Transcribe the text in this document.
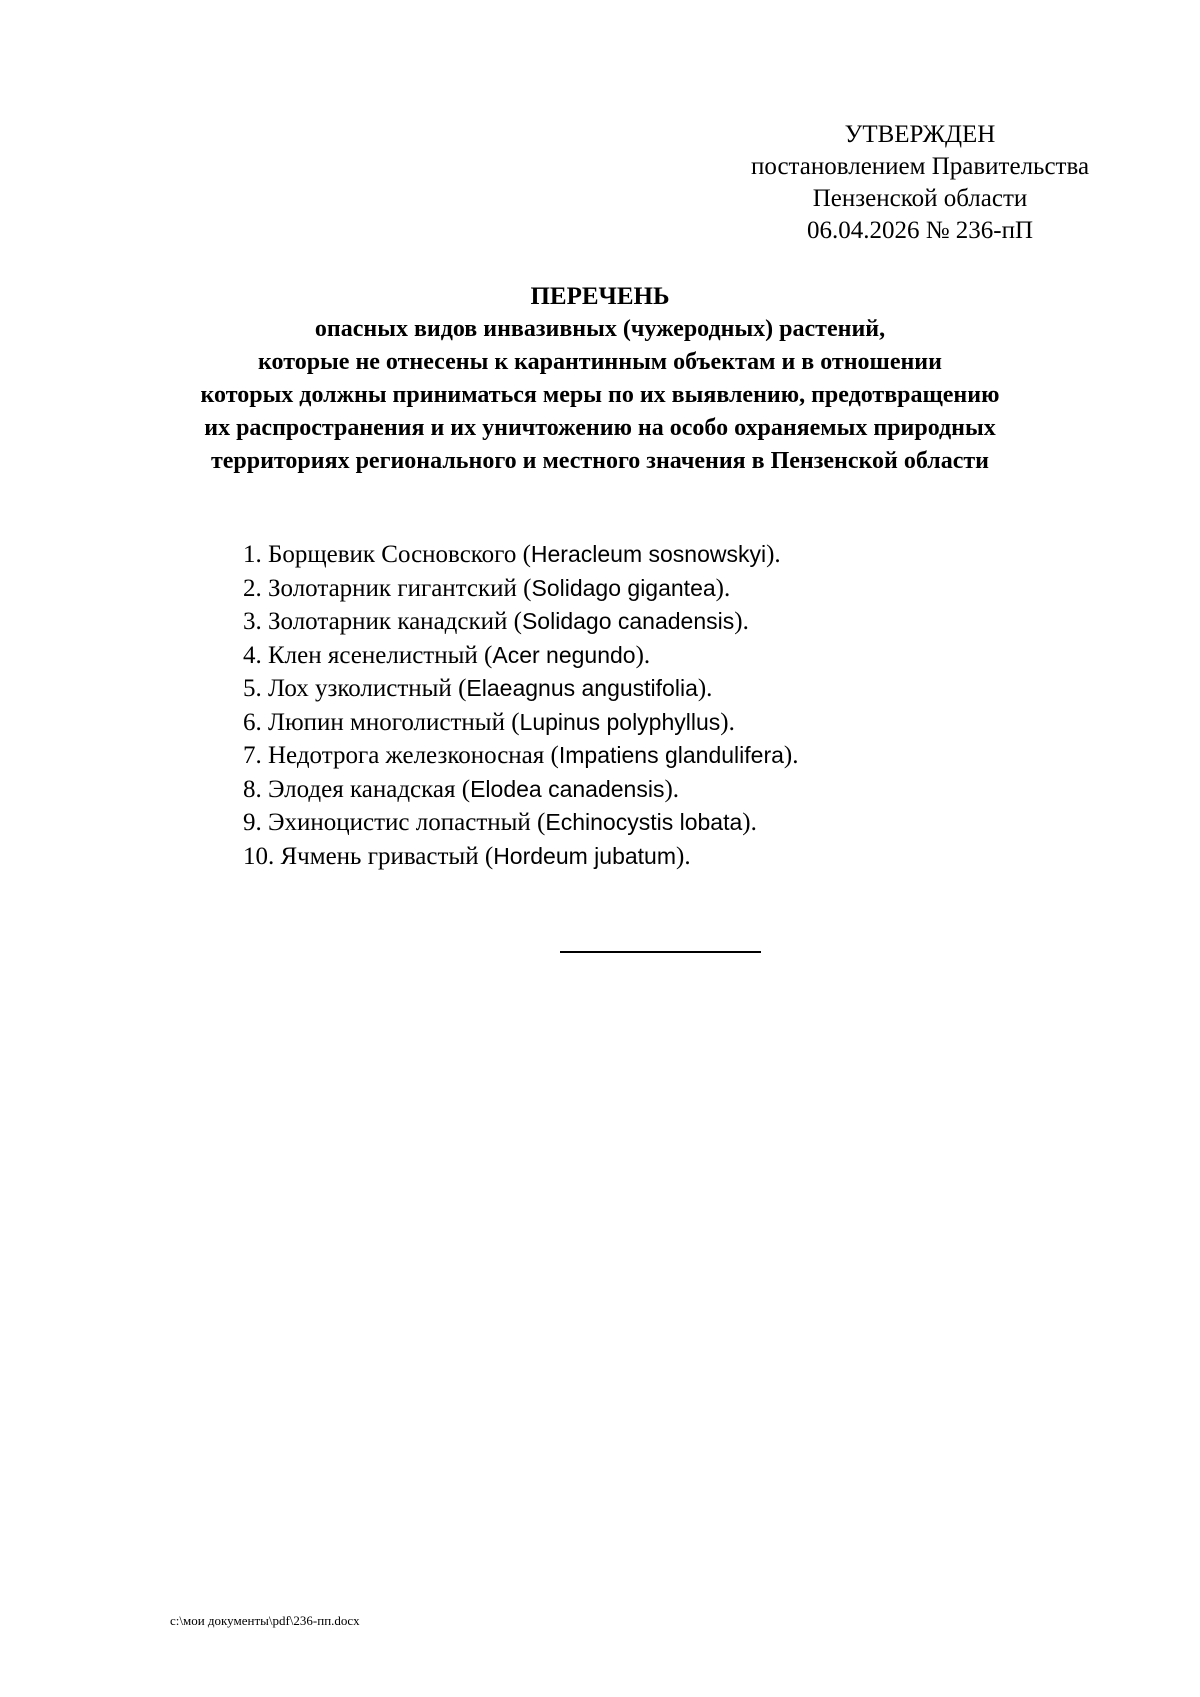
УТВЕРЖДЕН
постановлением Правительства
Пензенской области
06.04.2026 № 236-пП
ПЕРЕЧЕНЬ
опасных видов инвазивных (чужеродных) растений,
которые не отнесены к карантинным объектам и в отношении
которых должны приниматься меры по их выявлению, предотвращению
их распространения и их уничтожению на особо охраняемых природных
территориях регионального и местного значения в Пензенской области
1. Борщевик Сосновского (Heracleum sosnowskyi).
2. Золотарник гигантский (Solidago gigantea).
3. Золотарник канадский (Solidago canadensis).
4. Клен ясенелистный (Acer negundo).
5. Лох узколистный (Elaeagnus angustifolia).
6. Люпин многолистный (Lupinus polyphyllus).
7. Недотрога железконосная (Impatiens glandulifera).
8. Элодея канадская (Elodea canadensis).
9. Эхиноцистис лопастный (Echinocystis lobata).
10. Ячмень гривастый (Hordeum jubatum).
c:\мои документы\pdf\236-пп.docx
